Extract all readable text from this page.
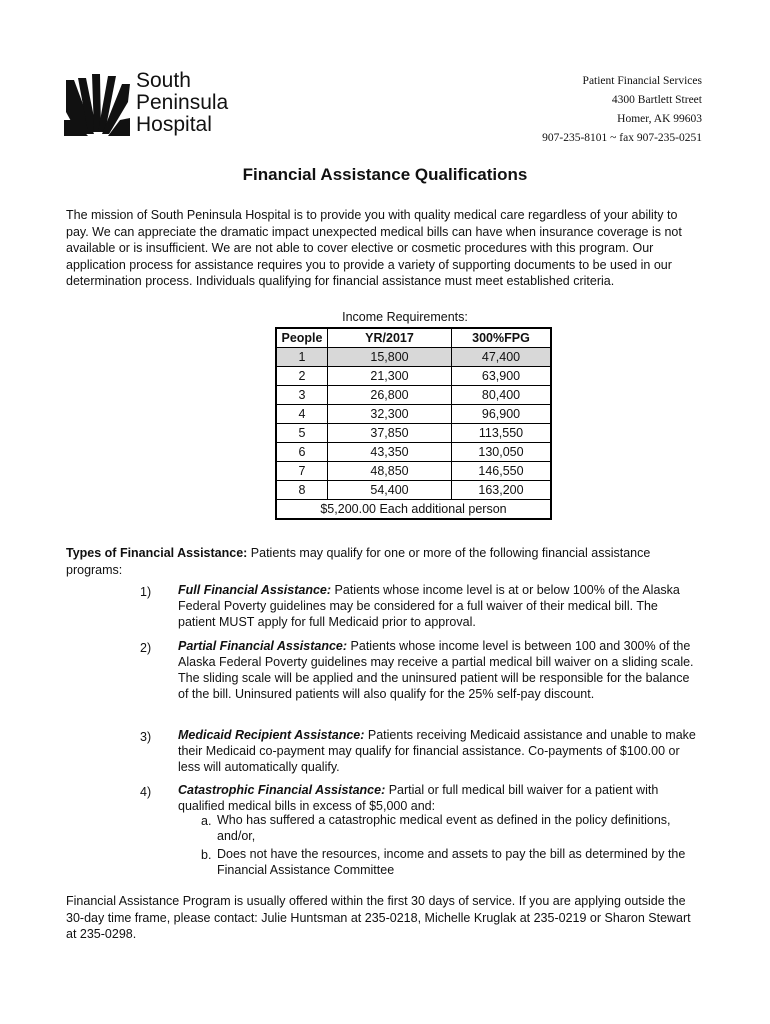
South
Peninsula
Hospital
Patient Financial Services
4300 Bartlett Street
Homer, AK 99603
907-235-8101 ~ fax 907-235-0251
Financial Assistance Qualifications
The mission of South Peninsula Hospital is to provide you with quality medical care regardless of your ability to pay. We can appreciate the dramatic impact unexpected medical bills can have when insurance coverage is not available or is insufficient. We are not able to cover elective or cosmetic procedures with this program. Our application process for assistance requires you to provide a variety of supporting documents to be used in our determination process. Individuals qualifying for financial assistance must meet established criteria.
Income Requirements:
People	YR/2017	300%FPG
1	15,800	47,400
2	21,300	63,900
3	26,800	80,400
4	32,300	96,900
5	37,850	113,550
6	43,350	130,050
7	48,850	146,550
8	54,400	163,200
$5,200.00 Each additional person		
Types of Financial Assistance: Patients may qualify for one or more of the following financial assistance programs:
1) Full Financial Assistance: Patients whose income level is at or below 100% of the Alaska Federal Poverty guidelines may be considered for a full waiver of their medical bill. The patient MUST apply for full Medicaid prior to approval.
2) Partial Financial Assistance: Patients whose income level is between 100 and 300% of the Alaska Federal Poverty guidelines may receive a partial medical bill waiver on a sliding scale. The sliding scale will be applied and the uninsured patient will be responsible for the balance of the bill. Uninsured patients will also qualify for the 25% self-pay discount.
3) Medicaid Recipient Assistance: Patients receiving Medicaid assistance and unable to make their Medicaid co-payment may qualify for financial assistance. Co-payments of $100.00 or less will automatically qualify.
4) Catastrophic Financial Assistance: Partial or full medical bill waiver for a patient with qualified medical bills in excess of $5,000 and:
a. Who has suffered a catastrophic medical event as defined in the policy definitions, and/or,
b. Does not have the resources, income and assets to pay the bill as determined by the Financial Assistance Committee
Financial Assistance Program is usually offered within the first 30 days of service. If you are applying outside the 30-day time frame, please contact: Julie Huntsman at 235-0218, Michelle Kruglak at 235-0219 or Sharon Stewart at 235-0298.
